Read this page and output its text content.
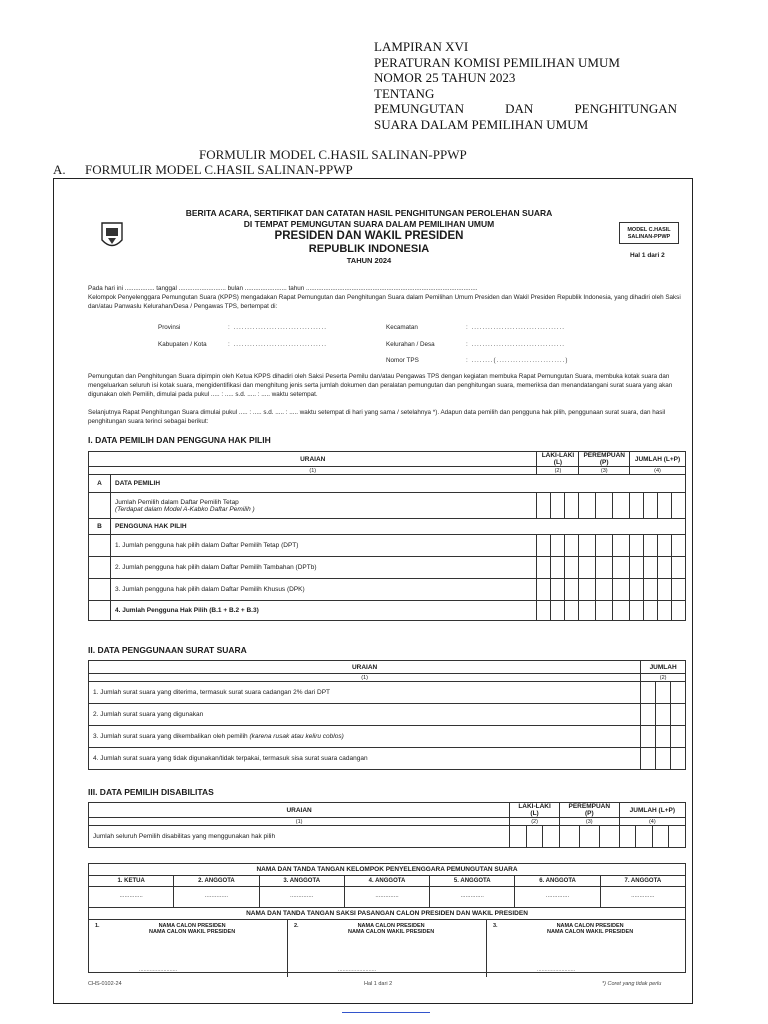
LAMPIRAN XVI
PERATURAN KOMISI PEMILIHAN UMUM
NOMOR 25 TAHUN 2023
TENTANG
PEMUNGUTAN DAN PENGHITUNGAN
SUARA DALAM PEMILIHAN UMUM
FORMULIR MODEL C.HASIL SALINAN-PPWP
A.	FORMULIR MODEL C.HASIL SALINAN-PPWP
BERITA ACARA, SERTIFIKAT DAN CATATAN HASIL PENGHITUNGAN PEROLEHAN SUARA
DI TEMPAT PEMUNGUTAN SUARA DALAM PEMILIHAN UMUM
PRESIDEN DAN WAKIL PRESIDEN
REPUBLIK INDONESIA
TAHUN 2024
MODEL C.HASIL
SALINAN-PPWP
Hal 1 dari 2
Pada hari ini ................. tanggal ........................... bulan ........................ tahun ..................................................................................................
Kelompok Penyelenggara Pemungutan Suara (KPPS) mengadakan Rapat Pemungutan dan Penghitungan Suara dalam Pemilihan Umum Presiden dan Wakil Presiden Republik Indonesia, yang dihadiri oleh Saksi dan/atau Panwaslu Kelurahan/Desa / Pengawas TPS, bertempat di:
Provinsi	: ..................................
Kabupaten / Kota	: ..................................
Kecamatan	: ..................................
Kelurahan / Desa	: ..................................
Nomor TPS	: ........(.........................)
Pemungutan dan Penghitungan Suara dipimpin oleh Ketua KPPS dihadiri oleh Saksi Peserta Pemilu dan/atau Pengawas TPS dengan kegiatan membuka Rapat Pemungutan Suara, membuka kotak suara dan mengeluarkan seluruh isi kotak suara, mengidentifikasi dan menghitung jenis serta jumlah dokumen dan peralatan pemungutan dan penghitungan suara, memeriksa dan menandatangani surat suara yang akan digunakan oleh Pemilih, dimulai pada pukul ..... : ..... s.d. ..... : ..... waktu setempat.
Selanjutnya Rapat Penghitungan Suara dimulai pukul ..... : ..... s.d. ..... : ..... waktu setempat di hari yang sama / setelahnya *). Adapun data pemilih dan pengguna hak pilih, penggunaan surat suara, dan hasil penghitungan suara terinci sebagai berikut:
I. DATA PEMILIH DAN PENGGUNA HAK PILIH
URAIAN		LAKI-LAKI (L)			PEREMPUAN (P)			JUMLAH (L+P)			
(1)		(2)			(3)			(4)			
A	DATA PEMILIH										

	Jumlah Pemilih dalam Daftar Pemilih Tetap
(Terdapat dalam Model A-Kabko Daftar Pemilih )										

B	PENGGUNA HAK PILIH										
	1. Jumlah pengguna hak pilih dalam Daftar Pemilih Tetap (DPT)										
	2. Jumlah pengguna hak pilih dalam Daftar Pemilih Tambahan (DPTb)										
	3. Jumlah pengguna hak pilih dalam Daftar Pemilih Khusus (DPK)										
	4. Jumlah Pengguna Hak Pilih (B.1 + B.2 + B.3)										
II. DATA PENGGUNAAN SURAT SUARA
URAIAN	JUMLAH		
(1)	(2)		
1. Jumlah surat suara yang diterima, termasuk surat suara cadangan 2% dari DPT			
2. Jumlah surat suara yang digunakan			
3. Jumlah surat suara yang dikembalikan oleh pemilih (karena rusak atau keliru coblos)			
4. Jumlah surat suara yang tidak digunakan/tidak terpakai, termasuk sisa surat suara cadangan			
III. DATA PEMILIH DISABILITAS
URAIAN	LAKI-LAKI (L)			PEREMPUAN (P)			JUMLAH (L+P)			
(1)	(2)			(3)			(4)			
Jumlah seluruh Pemilih disabilitas yang menggunakan hak pilih										
NAMA DAN TANDA TANGAN KELOMPOK PENYELENGGARA PEMUNGUTAN SUARA
1. KETUA	2. ANGGOTA	3. ANGGOTA	4. ANGGOTA	5. ANGGOTA	6. ANGGOTA	7. ANGGOTA
..............	..............	..............	..............	..............	..............	..............
NAMA DAN TANDA TANGAN SAKSI PASANGAN CALON PRESIDEN DAN WAKIL PRESIDEN
1.	NAMA CALON PRESIDEN
NAMA CALON WAKIL PRESIDEN
.........................
2.	NAMA CALON PRESIDEN
NAMA CALON WAKIL PRESIDEN
.........................
3.	NAMA CALON PRESIDEN
NAMA CALON WAKIL PRESIDEN
.........................
CHS-0102-24	Hal 1 dari 2	*) Coret yang tidak perlu
